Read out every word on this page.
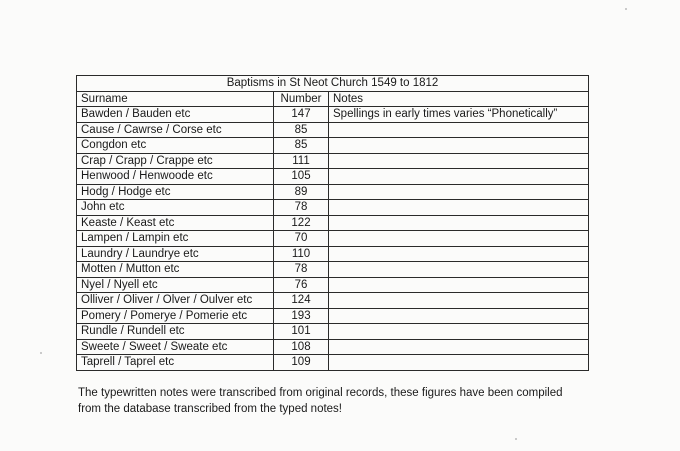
Baptisms in St Neot Church 1549 to 1812		
Surname	Number	Notes
Bawden / Bauden etc	147	Spellings in early times varies “Phonetically”
Cause / Cawrse / Corse etc	85	
Congdon etc	85	
Crap / Crapp / Crappe etc	111	
Henwood / Henwoode etc	105	
Hodg / Hodge etc	89	
John etc	78	
Keaste / Keast etc	122	
Lampen / Lampin etc	70	
Laundry / Laundrye etc	110	
Motten / Mutton etc	78	
Nyel / Nyell etc	76	
Olliver / Oliver / Olver / Oulver etc	124	
Pomery / Pomerye / Pomerie etc	193	
Rundle / Rundell etc	101	
Sweete / Sweet / Sweate etc	108	
Taprell / Taprel etc	109	
The typewritten notes were transcribed from original records, these figures have been compiled
from the database transcribed from the typed notes!
